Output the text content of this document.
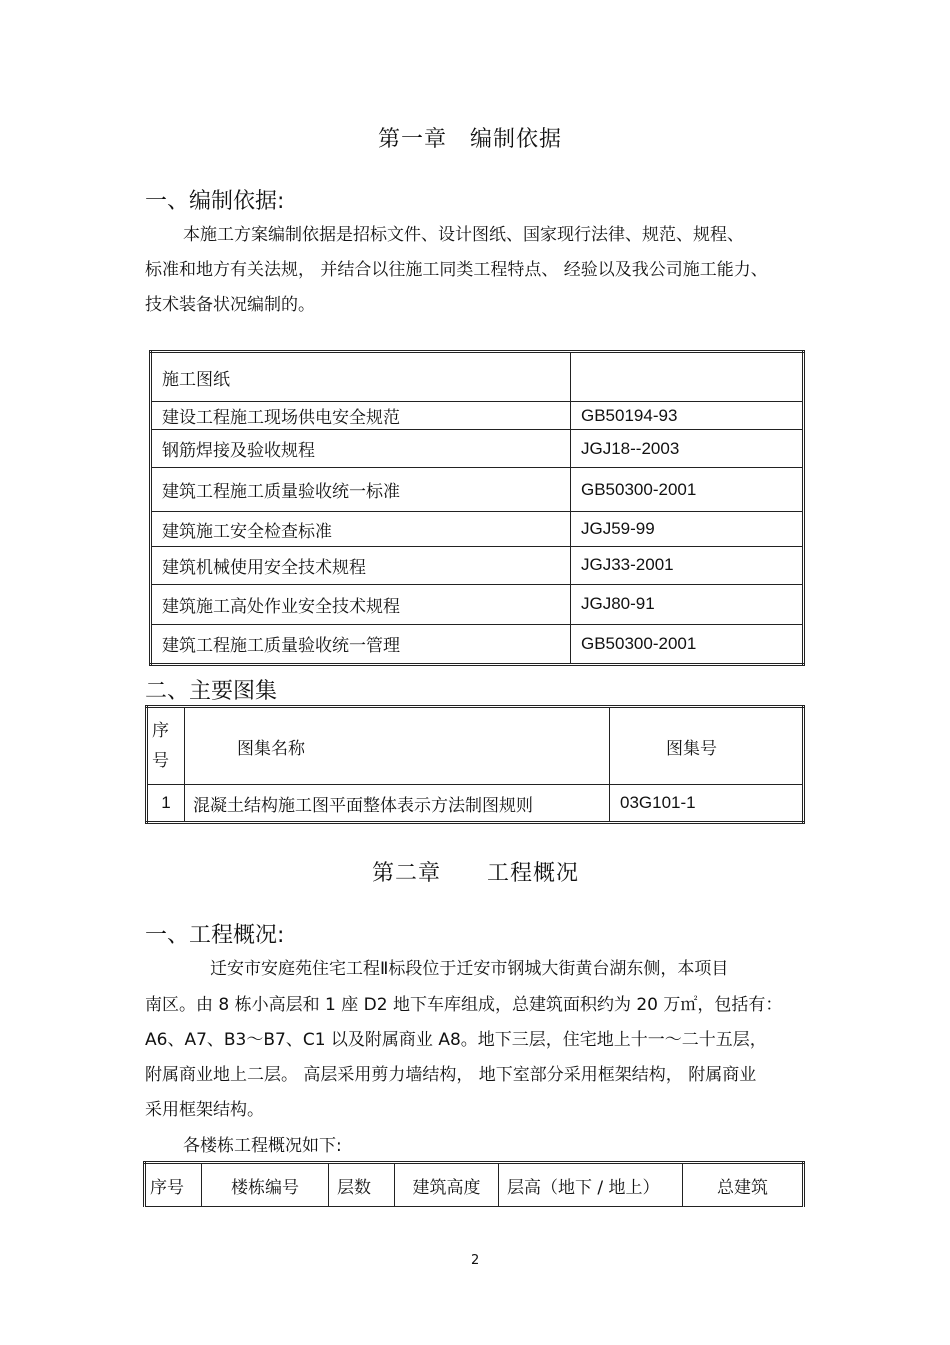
第一章　编制依据
一、编制依据:
本施工方案编制依据是招标文件、设计图纸、国家现行法律、规范、规程、
标准和地方有关法规， 并结合以往施工同类工程特点、 经验以及我公司施工能力、
技术装备状况编制的。
施工图纸	
建设工程施工现场供电安全规范	GB50194-93
钢筋焊接及验收规程	JGJ18--2003
建筑工程施工质量验收统一标准	GB50300-2001
建筑施工安全检查标准	JGJ59-99
建筑机械使用安全技术规程	JGJ33-2001
建筑施工高处作业安全技术规程	JGJ80-91
建筑工程施工质量验收统一管理	GB50300-2001
二、主要图集
序
号	图集名称	图集号
1	混凝土结构施工图平面整体表示方法制图规则	03G101-1
第二章　　工程概况
一、工程概况:
迁安市安庭苑住宅工程Ⅱ标段位于迁安市钢城大街黄台湖东侧，本项目
南区。由 8 栋小高层和 1 座 D2 地下车库组成，总建筑面积约为 20 万㎡，包括有：
A6、A7、B3～B7、C1 以及附属商业 A8。地下三层，住宅地上十一～二十五层，
附属商业地上二层。 高层采用剪力墙结构， 地下室部分采用框架结构， 附属商业
采用框架结构。
各楼栋工程概况如下:
序号	楼栋编号	层数	建筑高度	层高（地下 / 地上）	总建筑
2
